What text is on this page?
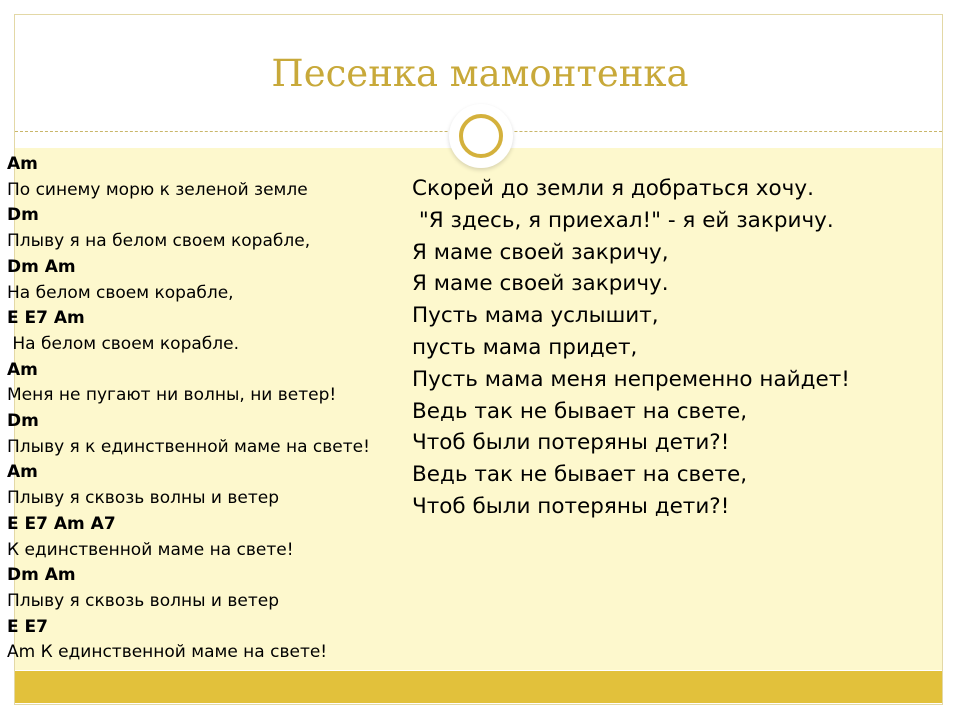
Песенка мамонтенка
Am
По синему морю к зеленой земле
Dm
Плыву я на белом своем корабле,
Dm Am
На белом своем корабле,
E E7 Am
На белом своем корабле.
Am
Меня не пугают ни волны, ни ветер!
Dm
Плыву я к единственной маме на свете!
Am
Плыву я сквозь волны и ветер
E E7 Am A7
К единственной маме на свете!
Dm Am
Плыву я сквозь волны и ветер
E E7
Am К единственной маме на свете!
Скорей до земли я добраться хочу.
"Я здесь, я приехал!" - я ей закричу.
Я маме своей закричу,
Я маме своей закричу.
Пусть мама услышит,
пусть мама придет,
Пусть мама меня непременно найдет!
Ведь так не бывает на свете,
Чтоб были потеряны дети?!
Ведь так не бывает на свете,
Чтоб были потеряны дети?!
